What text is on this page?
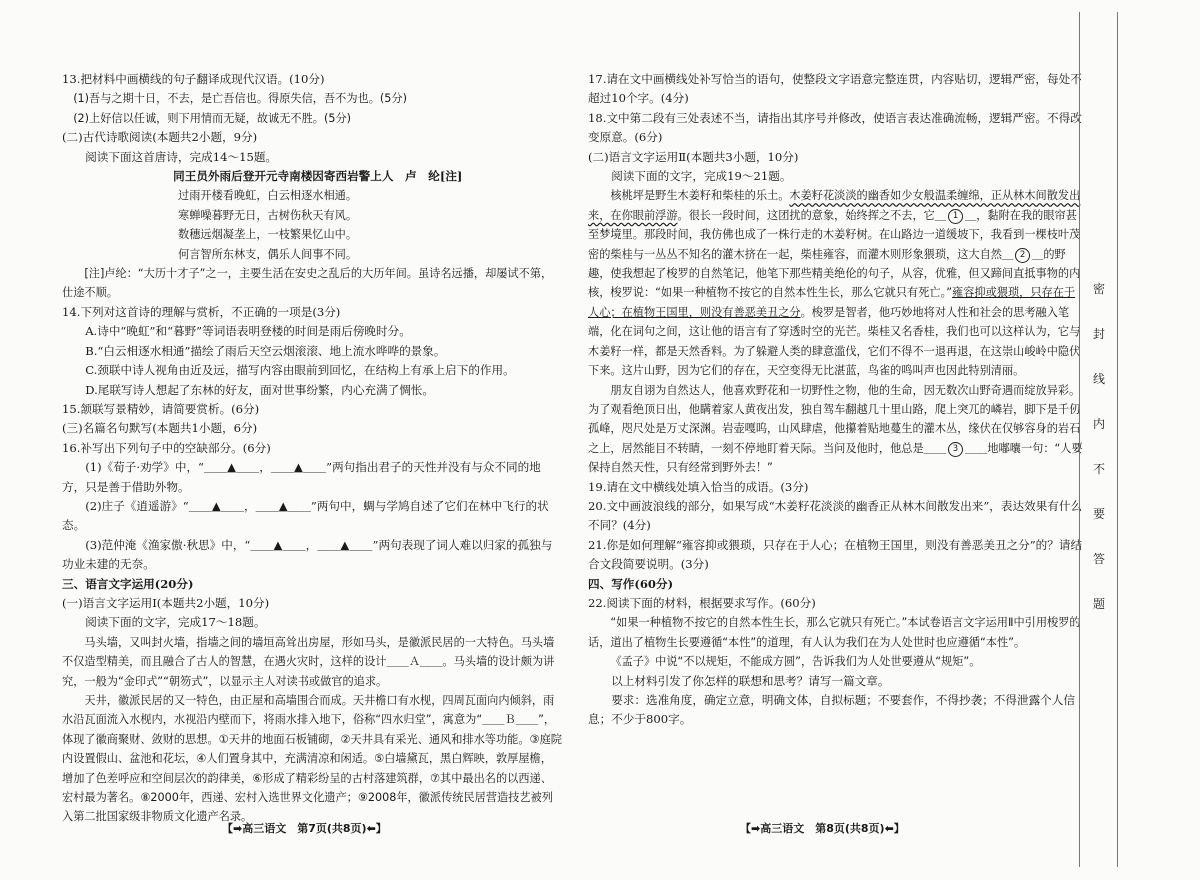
13.把材料中画横线的句子翻译成现代汉语。(10分)
(1)吾与之期十日，不去，是亡吾信也。得原失信，吾不为也。(5分)
(2)上好信以任诚，则下用情而无疑，故诚无不胜。(5分)
(二)古代诗歌阅读(本题共2小题，9分)
阅读下面这首唐诗，完成14～15题。
同王员外雨后登开元寺南楼因寄西岩警上人　卢　纶[注]
过雨开楼看晚虹，白云相逐水相通。
寒蝉噪暮野无日，古树伤秋天有风。
数穗远烟凝垄上，一枝繁果忆山中。
何言智所东林支，偶乐人间事不同。
[注]卢纶：“大历十才子”之一，主要生活在安史之乱后的大历年间。虽诗名远播，却屡试不第，仕途不顺。
14.下列对这首诗的理解与赏析，不正确的一项是(3分)
A.诗中“晚虹”和“暮野”等词语表明登楼的时间是雨后傍晚时分。
B.“白云相逐水相通”描绘了雨后天空云烟滚滚、地上流水哗哗的景象。
C.颈联中诗人视角由近及远，描写内容由眼前到回忆，在结构上有承上启下的作用。
D.尾联写诗人想起了东林的好友，面对世事纷繁，内心充满了惆怅。
15.颔联写景精妙，请简要赏析。(6分)
(三)名篇名句默写(本题共1小题，6分)
16.补写出下列句子中的空缺部分。(6分)
(1)《荀子·劝学》中，“＿＿▲＿＿，＿＿▲＿＿”两句指出君子的天性并没有与众不同的地方，只是善于借助外物。
(2)庄子《逍遥游》“＿＿▲＿＿，＿＿▲＿＿”两句中，蜩与学鸠自述了它们在林中飞行的状态。
(3)范仲淹《渔家傲·秋思》中，“＿＿▲＿＿，＿＿▲＿＿”两句表现了词人难以归家的孤独与功业未建的无奈。
三、语言文字运用(20分)
(一)语言文字运用Ⅰ(本题共2小题，10分)
阅读下面的文字，完成17～18题。
马头墙，又叫封火墙，指墙之间的墙垣高耸出房屋，形如马头，是徽派民居的一大特色。马头墙不仅造型精美，而且融合了古人的智慧，在遇火灾时，这样的设计＿＿Ａ＿＿。马头墙的设计颇为讲究，一般为“金印式”“朝笏式”，以显示主人对读书或做官的追求。
天井，徽派民居的又一特色，由正屋和高墙围合而成。天井檐口有水枧，四周瓦面向内倾斜，雨水沿瓦面流入水枧内，水视沿内壁而下，将雨水排入地下，俗称“四水归堂”，寓意为“＿＿Ｂ＿＿”，体现了徽商聚财、敛财的思想。①天井的地面石板铺砌，②天井具有采光、通风和排水等功能。③庭院内设置假山、盆池和花坛，④人们置身其中，充满清凉和闲适。⑤白墙黛瓦，黑白辉映，敦厚屋檐，增加了色差呼应和空间层次的韵律美，⑥形成了精彩纷呈的古村落建筑群，⑦其中最出名的以西递、宏村最为著名。⑧2000年，西递、宏村入选世界文化遗产；⑨2008年，徽派传统民居营造技艺被列入第二批国家级非物质文化遗产名录。
17.请在文中画横线处补写恰当的语句，使整段文字语意完整连贯，内容贴切，逻辑严密，每处不超过10个字。(4分)
18.文中第二段有三处表述不当，请指出其序号并修改，使语言表达准确流畅，逻辑严密。不得改变原意。(6分)
(二)语言文字运用Ⅱ(本题共3小题，10分)
阅读下面的文字，完成19～21题。
核桃坪是野生木姜籽和柴桂的乐土。木姜籽花淡淡的幽香如少女般温柔缠绵，正从林木间散发出来，在你眼前浮游。很长一段时间，这团扰的意象，始终挥之不去，它＿ 1 ＿，黏附在我的眼帘甚至梦境里。那段时间，我仿佛也成了一株行走的木姜籽树。在山路边一道缓坡下，我看到一棵枝叶茂密的柴桂与一丛丛不知名的灌木挤在一起，柴桂雍容，而灌木则形象猥琐，这大自然＿ 2 ＿的野趣，使我想起了梭罗的自然笔记，他笔下那些精美绝伦的句子，从容，优雅，但又蹄间直抵事物的内核，梭罗说：“如果一种植物不按它的自然本性生长，那么它就只有死亡。”雍容抑或猥琐，只存在于人心；在植物王国里，则没有善恶美丑之分。梭罗是智者，他巧妙地将对人性和社会的思考融入笔端，化在词句之间，这让他的语言有了穿透时空的光芒。柴桂又名香桂，我们也可以这样认为，它与木姜籽一样，都是天然香料。为了躲避人类的肆意滥伐，它们不得不一退再退，在这崇山峻岭中隐伏下来。这片山野，因为它们的存在，天空变得无比湛蓝，鸟雀的鸣叫声也因此特别清丽。
朋友自诩为自然达人，他喜欢野花和一切野性之物，他的生命，因无数次山野奇遇而绽放异彩。为了观看绝顶日出，他瞒着家人黄夜出发，独自驾车翻越几十里山路，爬上突兀的嶙岩，脚下是千仞孤峰，咫尺处是万丈深渊。岩壶嘎呜，山风肆虐，他攥着贴地蔓生的灌木丛，缘伏在仅够容身的岩石之上，居然能目不转睛，一刻不停地盯着天际。当问及他时，他总是＿＿ 3 ＿＿地嘟囔一句：“人要保持自然天性，只有经常到野外去！”
19.请在文中横线处填入恰当的成语。(3分)
20.文中画波浪线的部分，如果写成“木姜籽花淡淡的幽香正从林木间散发出来”，表达效果有什么不同？(4分)
21.你是如何理解“雍容抑或猥琐，只存在于人心；在植物王国里，则没有善恶美丑之分”的？请结合文段简要说明。(3分)
四、写作(60分)
22.阅读下面的材料，根据要求写作。(60分)
“如果一种植物不按它的自然本性生长，那么它就只有死亡。”本试卷语言文字运用Ⅱ中引用梭罗的话，道出了植物生长要遵循“本性”的道理，有人认为我们在为人处世时也应遵循“本性”。
《孟子》中说“不以规矩，不能成方圆”，告诉我们为人处世要遵从“规矩”。
以上材料引发了你怎样的联想和思考？请写一篇文章。
要求：选准角度，确定立意，明确文体，自拟标题；不要套作，不得抄袭；不得泄露个人信息；不少于800字。
【➡高三语文　第7页(共8页)⬅】	【➡高三语文　第8页(共8页)⬅】
密
封
线
内
不
要
答
题
